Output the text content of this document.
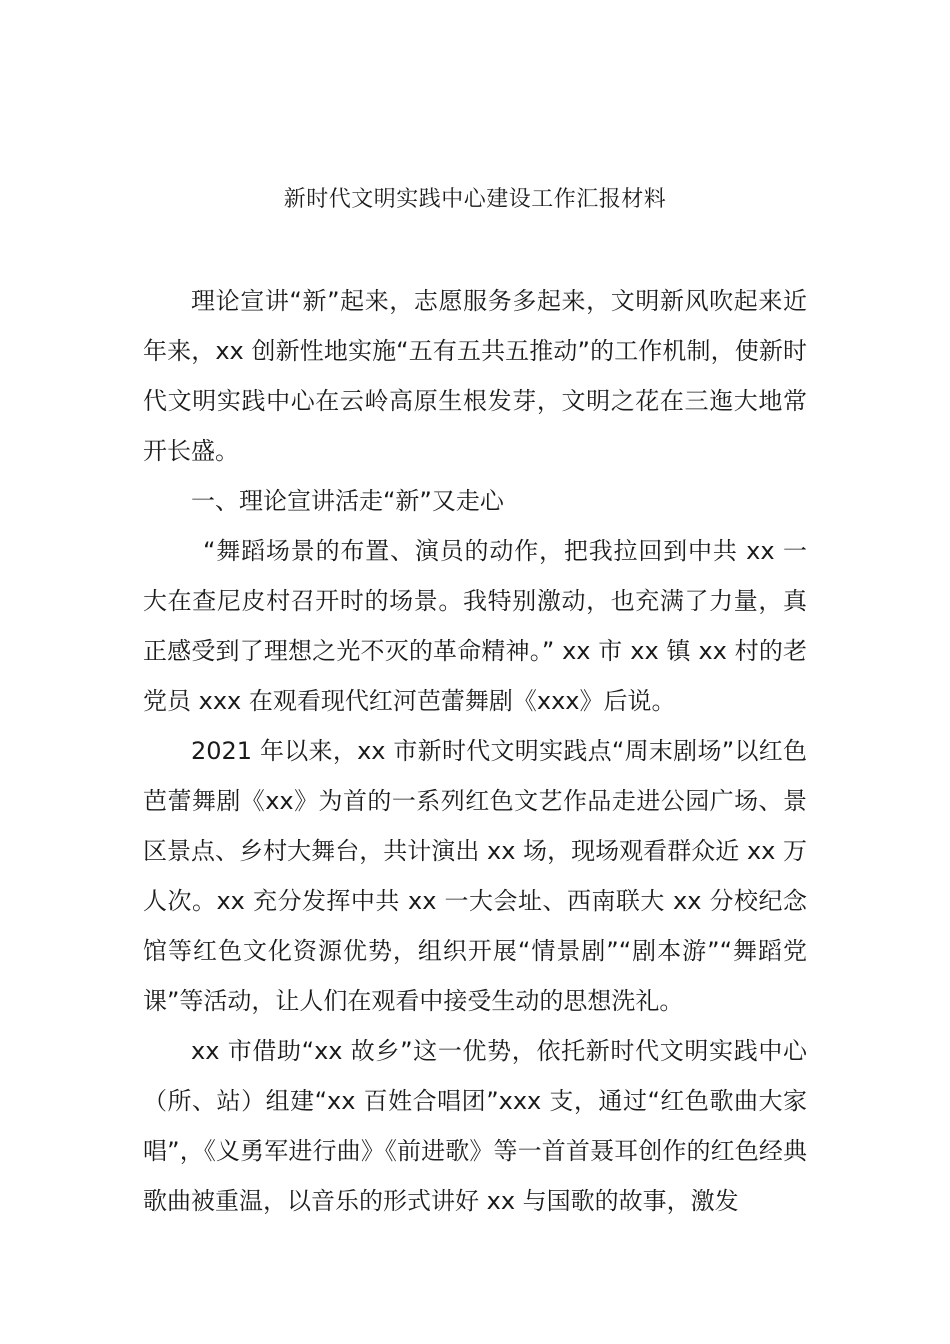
新时代文明实践中心建设工作汇报材料

理论宣讲“新”起来，志愿服务多起来，文明新风吹起来近年来，xx 创新性地实施“五有五共五推动”的工作机制，使新时代文明实践中心在云岭高原生根发芽，文明之花在三迤大地常开长盛。

一、理论宣讲活走“新”又走心

“舞蹈场景的布置、演员的动作，把我拉回到中共 xx 一大在查尼皮村召开时的场景。我特别激动，也充满了力量，真正感受到了理想之光不灭的革命精神。” xx 市 xx 镇 xx 村的老党员 xxx 在观看现代红河芭蕾舞剧《xxx》后说。

2021 年以来，xx 市新时代文明实践点“周末剧场”以红色芭蕾舞剧《xx》为首的一系列红色文艺作品走进公园广场、景区景点、乡村大舞台，共计演出 xx 场，现场观看群众近 xx 万人次。xx 充分发挥中共 xx 一大会址、西南联大 xx 分校纪念馆等红色文化资源优势，组织开展“情景剧”“剧本游”“舞蹈党课”等活动，让人们在观看中接受生动的思想洗礼。

xx 市借助“xx 故乡”这一优势，依托新时代文明实践中心（所、站）组建“xx 百姓合唱团”xxx 支，通过“红色歌曲大家唱”，《义勇军进行曲》《前进歌》等一首首聂耳创作的红色经典歌曲被重温，以音乐的形式讲好 xx 与国歌的故事，激发
